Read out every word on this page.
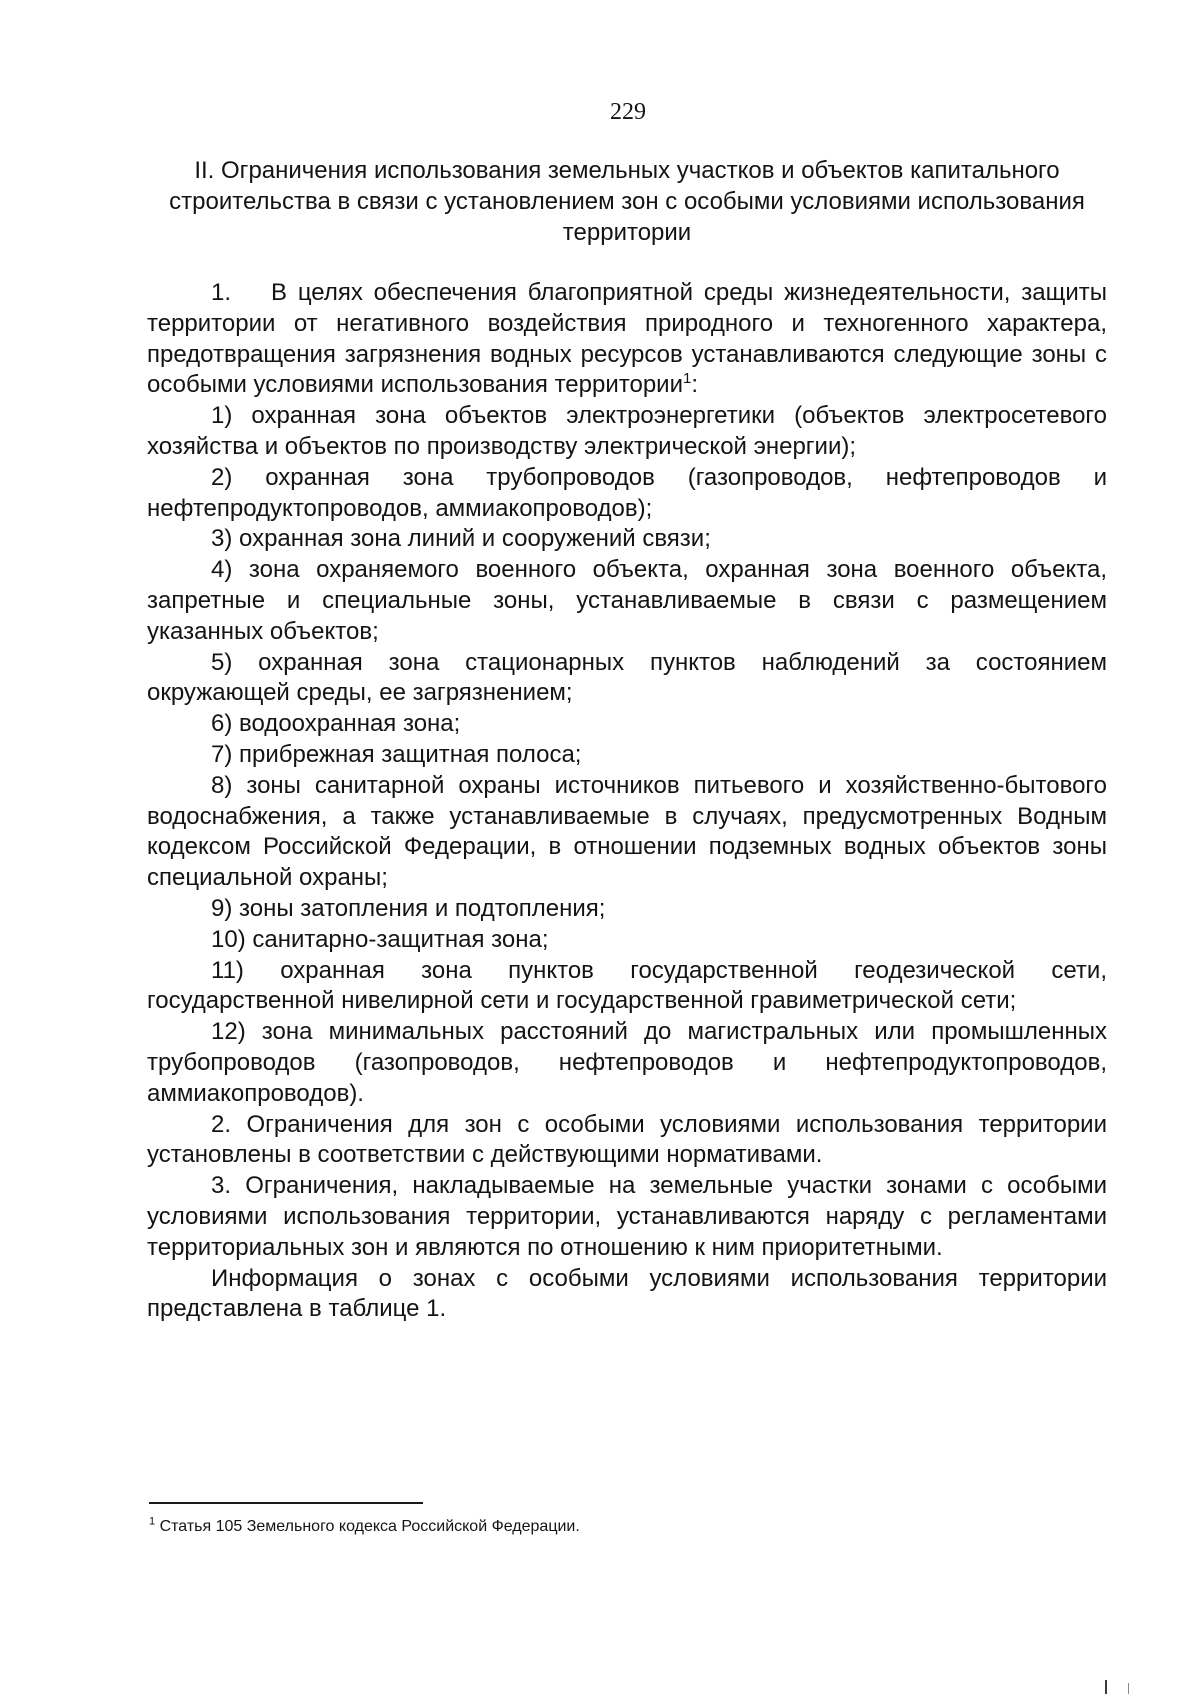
229
II. Ограничения использования земельных участков и объектов капитального строительства в связи с установлением зон с особыми условиями использования территории

1. В целях обеспечения благоприятной среды жизнедеятельности, защиты территории от негативного воздействия природного и техногенного характера, предотвращения загрязнения водных ресурсов устанавливаются следующие зоны с особыми условиями использования территории$^1$:

1) охранная зона объектов электроэнергетики (объектов электросетевого хозяйства и объектов по производству электрической энергии);

2) охранная зона трубопроводов (газопроводов, нефтепроводов и нефтепродуктопроводов, аммиакопроводов);

3) охранная зона линий и сооружений связи;

4) зона охраняемого военного объекта, охранная зона военного объекта, запретные и специальные зоны, устанавливаемые в связи с размещением указанных объектов;

5) охранная зона стационарных пунктов наблюдений за состоянием окружающей среды, ее загрязнением;

6) водоохранная зона;

7) прибрежная защитная полоса;

8) зоны санитарной охраны источников питьевого и хозяйственно-бытового водоснабжения, а также устанавливаемые в случаях, предусмотренных Водным кодексом Российской Федерации, в отношении подземных водных объектов зоны специальной охраны;

9) зоны затопления и подтопления;

10) санитарно-защитная зона;

11) охранная зона пунктов государственной геодезической сети, государственной нивелирной сети и государственной гравиметрической сети;

12) зона минимальных расстояний до магистральных или промышленных трубопроводов (газопроводов, нефтепроводов и нефтепродуктопроводов, аммиакопроводов).

2. Ограничения для зон с особыми условиями использования территории установлены в соответствии с действующими нормативами.

3. Ограничения, накладываемые на земельные участки зонами с особыми условиями использования территории, устанавливаются наряду с регламентами территориальных зон и являются по отношению к ним приоритетными.

Информация о зонах с особыми условиями использования территории представлена в таблице 1.

$^1$ Статья 105 Земельного кодекса Российской Федерации.
